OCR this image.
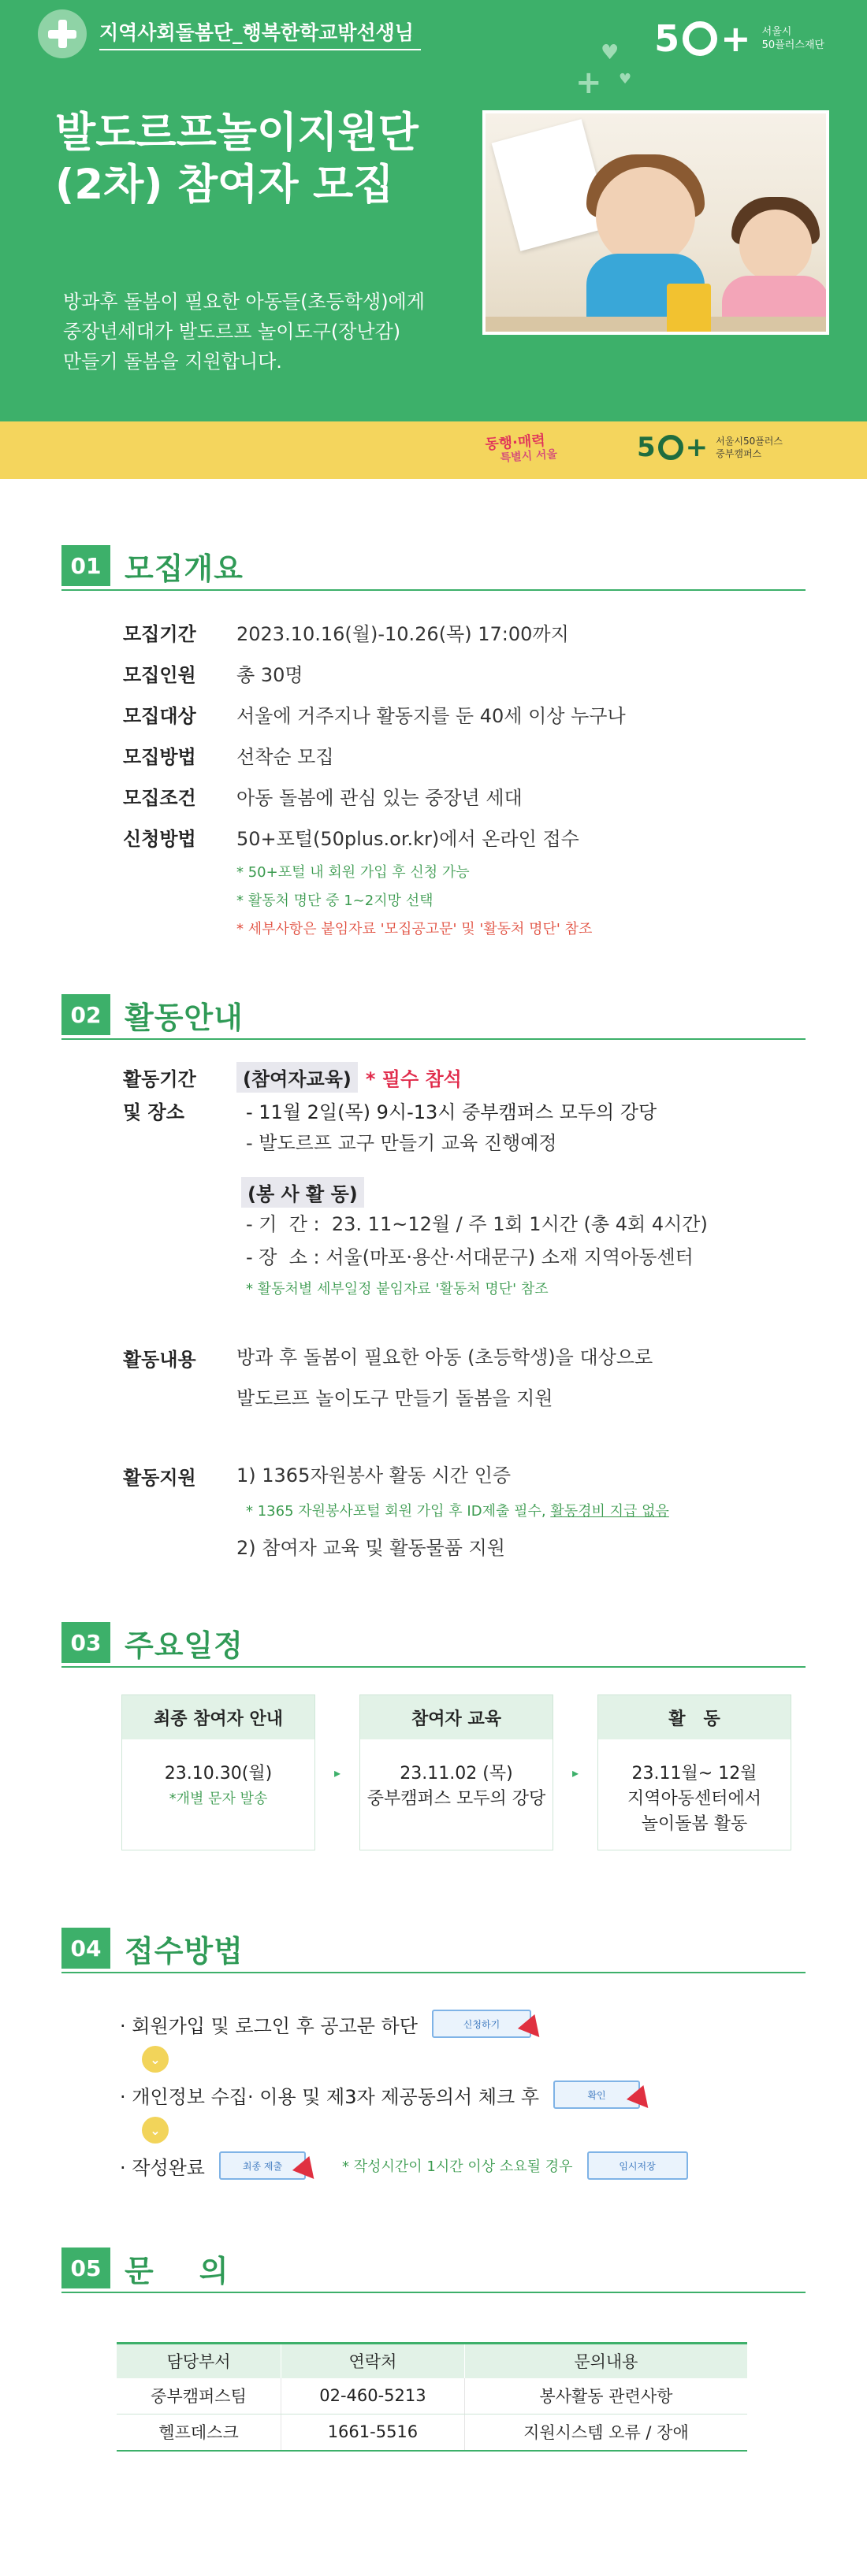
지역사회돌봄단_행복한학교밖선생님
♥
+ ♥
5 + 서울시
50플러스재단
발도르프놀이지원단
(2차) 참여자 모집
방과후 돌봄이 필요한 아동들(초등학생)에게
중장년세대가 발도르프 놀이도구(장난감)
만들기 돌봄을 지원합니다.
동행·매력
특별시 서울	5 + 서울시50플러스
중부캠퍼스
01 모집개요
모집기간	2023.10.16(월)-10.26(목) 17:00까지
모집인원	총 30명
모집대상	서울에 거주지나 활동지를 둔 40세 이상 누구나
모집방법	선착순 모집
모집조건	아동 돌봄에 관심 있는 중장년 세대
신청방법	50+포털(50plus.or.kr)에서 온라인 접수
* 50+포털 내 회원 가입 후 신청 가능
* 활동처 명단 중 1~2지망 선택
* 세부사항은 붙임자료 '모집공고문' 및 '활동처 명단' 참조
02 활동안내
활동기간	(참여자교육) * 필수 참석
및 장소	- 11월 2일(목) 9시-13시 중부캠퍼스 모두의 강당
- 발도르프 교구 만들기 교육 진행예정
(봉 사 활 동)
- 기  간 :  23. 11~12월 / 주 1회 1시간 (총 4회 4시간)
- 장  소 : 서울(마포·용산·서대문구) 소재 지역아동센터
* 활동처별 세부일정 붙임자료 '활동처 명단' 참조
활동내용	방과 후 돌봄이 필요한 아동 (초등학생)을 대상으로
발도르프 놀이도구 만들기 돌봄을 지원
활동지원	1) 1365자원봉사 활동 시간 인증
* 1365 자원봉사포털 회원 가입 후 ID제출 필수, 활동경비 지급 없음
2) 참여자 교육 및 활동물품 지원
03 주요일정
최종 참여자 안내
23.10.30(월)
*개별 문자 발송
▸
참여자 교육
23.11.02 (목)
중부캠퍼스 모두의 강당
▸
활   동
23.11월~ 12월
지역아동센터에서
놀이돌봄 활동
04 접수방법
· 회원가입 및 로그인 후 공고문 하단	신청하기
⌄
· 개인정보 수집· 이용 및 제3자 제공동의서 체크 후	확인
⌄
· 작성완료	최종 제출	* 작성시간이 1시간 이상 소요될 경우	임시저장
05 문의
담당부서	연락처	문의내용
중부캠퍼스팀	02-460-5213	봉사활동 관련사항
헬프데스크	1661-5516	지원시스템 오류 / 장애
